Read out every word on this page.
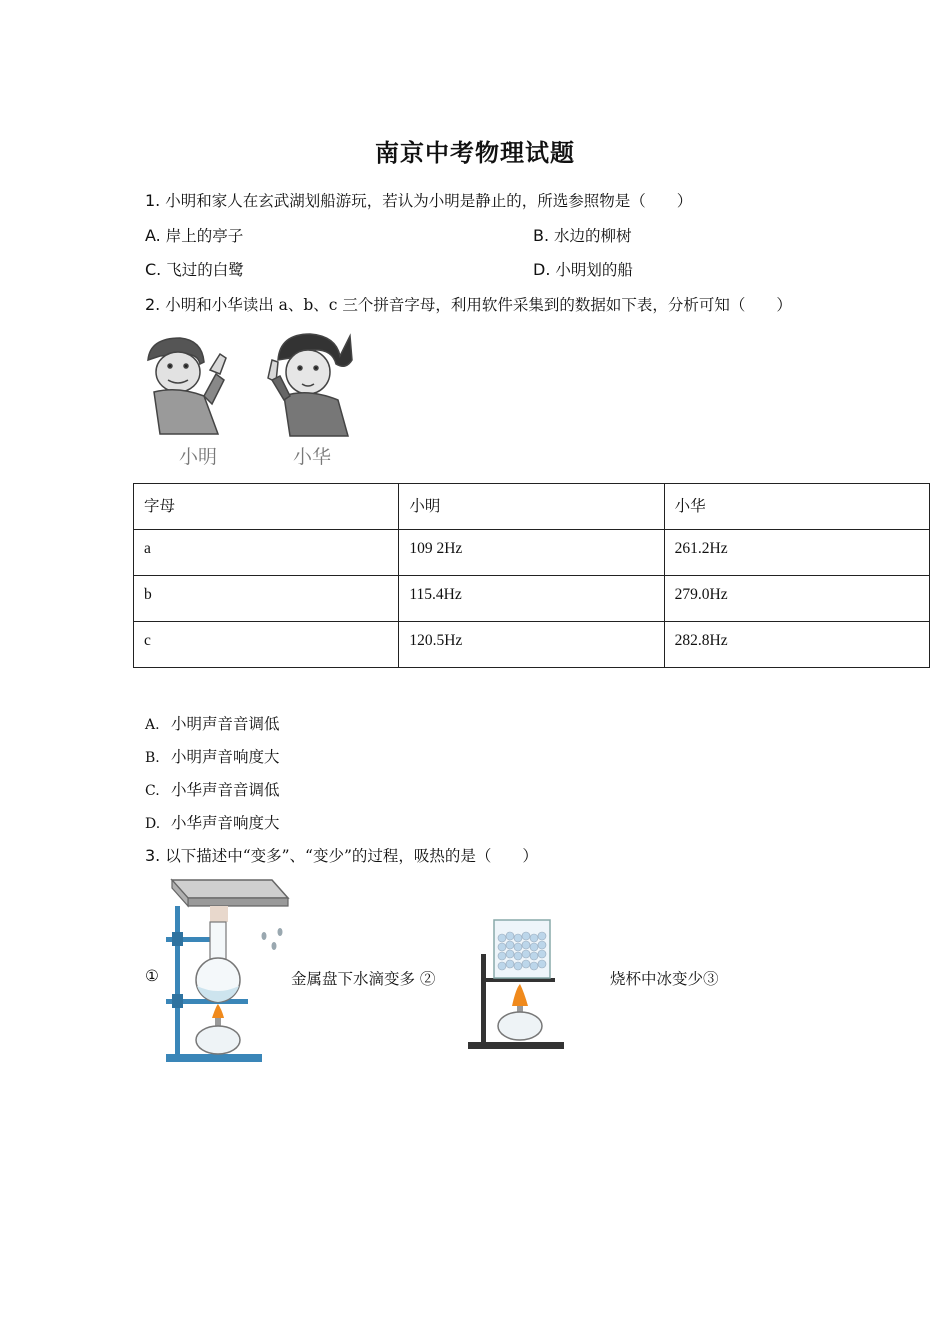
南京中考物理试题
1. 小明和家人在玄武湖划船游玩，若认为小明是静止的，所选参照物是（　　）
A. 岸上的亭子	B. 水边的柳树
C. 飞过的白鹭	D. 小明划的船
2. 小明和小华读出 a、b、c 三个拼音字母，利用软件采集到的数据如下表，分析可知（　　）
小明	小华
字母	小明	小华
a	109 2Hz	261.2Hz
b	115.4Hz	279.0Hz
c	120.5Hz	282.8Hz
A. 小明声音音调低
B. 小明声音响度大
C. 小华声音音调低
D. 小华声音响度大
3. 以下描述中“变多”、“变少”的过程，吸热的是（　　）
①	金属盘下水滴变多 ②	烧杯中冰变少③
